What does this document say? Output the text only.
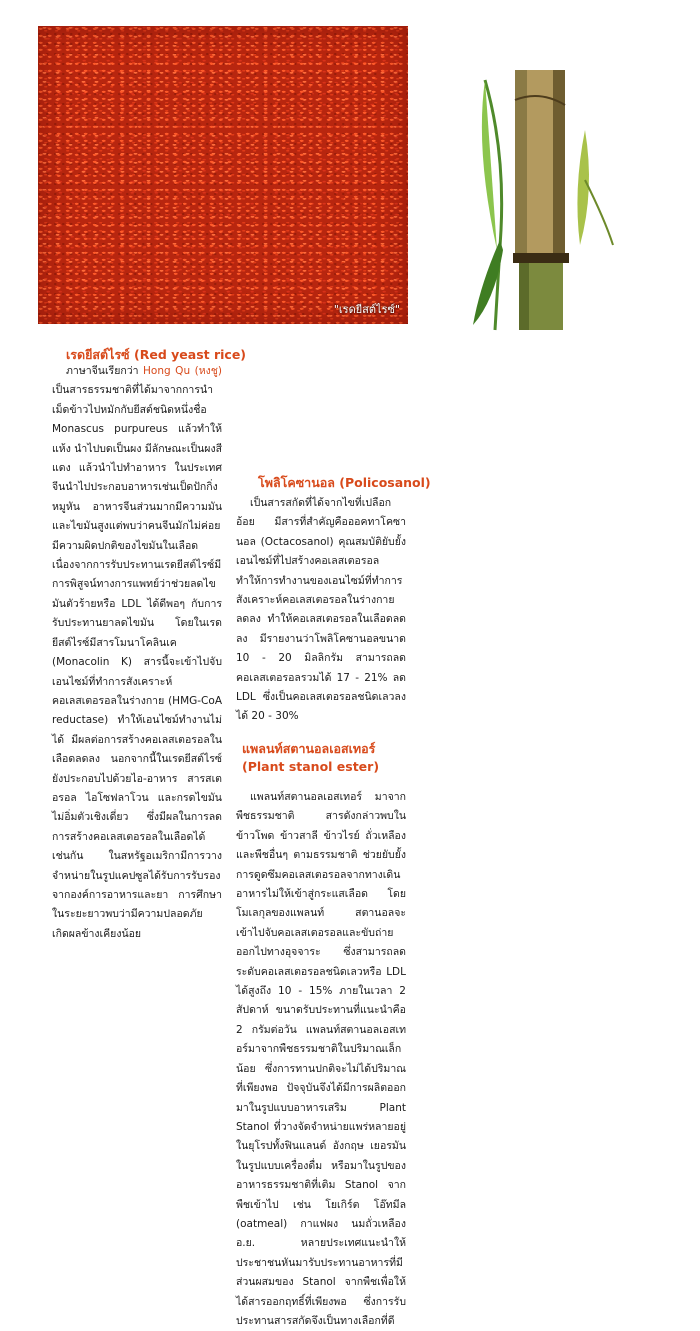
"เรดยีสต์ไรซ์"
เรดยีสต์ไรซ์ (Red yeast rice)

ภาษาจีนเรียกว่า Hong Qu (หงชู) เป็นสารธรรมชาติที่ได้มาจากการนำเม็ดข้าวไปหมักกับยีสต์ชนิดหนึ่งชื่อ Monascus purpureus แล้วทำให้แห้ง นำไปบดเป็นผง มีลักษณะเป็นผงสีแดง แล้วนำไปทำอาหาร ในประเทศจีนนำไปประกอบอาหารเช่นเป็ดปักกิ่ง หมูหัน อาหารจีนส่วนมากมีความมันและไขมันสูงแต่พบว่าคนจีนมักไม่ค่อยมีความผิดปกติของไขมันในเลือดเนื่องจากการรับประทานเรดยีสต์ไรซ์มีการพิสูจน์ทางการแพทย์ว่าช่วยลดไขมันตัวร้ายหรือ LDL ได้ดีพอๆ กับการรับประทานยาลดไขมัน โดยในเรดยีสต์ไรซ์มีสารโมนาโคลินเค (Monacolin K) สารนี้จะเข้าไปจับเอนไซม์ที่ทำการสังเคราะห์คอเลสเตอรอลในร่างกาย (HMG-CoA reductase) ทำให้เอนไซม์ทำงานไม่ได้ มีผลต่อการสร้างคอเลสเตอรอลในเลือดลดลง นอกจากนี้ในเรดยีสต์ไรซ์ยังประกอบไปด้วยไอ-อาหาร สารสเตอรอล ไอโซฟลาโวน และกรดไขมันไม่อิ่มตัวเชิงเดี่ยว ซึ่งมีผลในการลดการสร้างคอเลสเตอรอลในเลือดได้เช่นกัน ในสหรัฐอเมริกามีการวางจำหน่ายในรูปแคปซูลได้รับการรับรองจากองค์การอาหารและยา การศึกษาในระยะยาวพบว่ามีความปลอดภัย เกิดผลข้างเคียงน้อย

โพลิโคซานอล (Policosanol)

เป็นสารสกัดที่ได้จากไขที่เปลือกอ้อย มีสารที่สำคัญคือออคทาโคซานอล (Octacosanol) คุณสมบัติยับยั้งเอนไซม์ที่ไปสร้างคอเลสเตอรอล ทำให้การทำงานของเอนไซม์ที่ทำการสังเคราะห์คอเลสเตอรอลในร่างกายลดลง ทำให้คอเลสเตอรอลในเลือดลดลง มีรายงานว่าโพลิโคซานอลขนาด 10 - 20 มิลลิกรัม สามารถลดคอเลสเตอรอลรวมได้ 17 - 21% ลด LDL ซึ่งเป็นคอเลสเตอรอลชนิดเลวลงได้ 20 - 30%

แพลนท์สตานอลเอสเทอร์ (Plant stanol ester)

แพลนท์สตานอลเอสเทอร์ มาจากพืชธรรมชาติ สารดังกล่าวพบในข้าวโพด ข้าวสาลี ข้าวไรย์ ถั่วเหลือง และพืชอื่นๆ ตามธรรมชาติ ช่วยยับยั้งการดูดซึมคอเลสเตอรอลจากทางเดินอาหารไม่ให้เข้าสู่กระแสเลือด โดยโมเลกุลของแพลนท์ สตานอลจะเข้าไปจับคอเลสเตอรอลและขับถ่ายออกไปทางอุจจาระ ซึ่งสามารถลดระดับคอเลสเตอรอลชนิดเลวหรือ LDL ได้สูงถึง 10 - 15% ภายในเวลา 2 สัปดาห์ ขนาดรับประทานที่แนะนำคือ 2 กรัมต่อวัน แพลนท์สตานอลเอสเทอร์มาจากพืชธรรมชาติในปริมาณเล็กน้อย ซึ่งการทานปกติจะไม่ได้ปริมาณที่เพียงพอ ปัจจุบันจึงได้มีการผลิตออกมาในรูปแบบอาหารเสริม Plant Stanol ที่วางจัดจำหน่ายแพร่หลายอยู่ในยุโรปทั้งฟินแลนด์ อังกฤษ เยอรมันในรูปแบบเครื่องดื่ม หรือมาในรูปของอาหารธรรมชาติที่เติม Stanol จากพืชเข้าไป เช่น โยเกิร์ต โอ๊ทมีล (oatmeal) กาแฟผง นมถั่วเหลือง อ.ย. หลายประเทศแนะนำให้ประชาชนหันมารับประทานอาหารที่มีส่วนผสมของ Stanol จากพืชเพื่อให้ได้สารออกฤทธิ์ที่เพียงพอ ซึ่งการรับประทานสารสกัดจึงเป็นทางเลือกที่ดี
